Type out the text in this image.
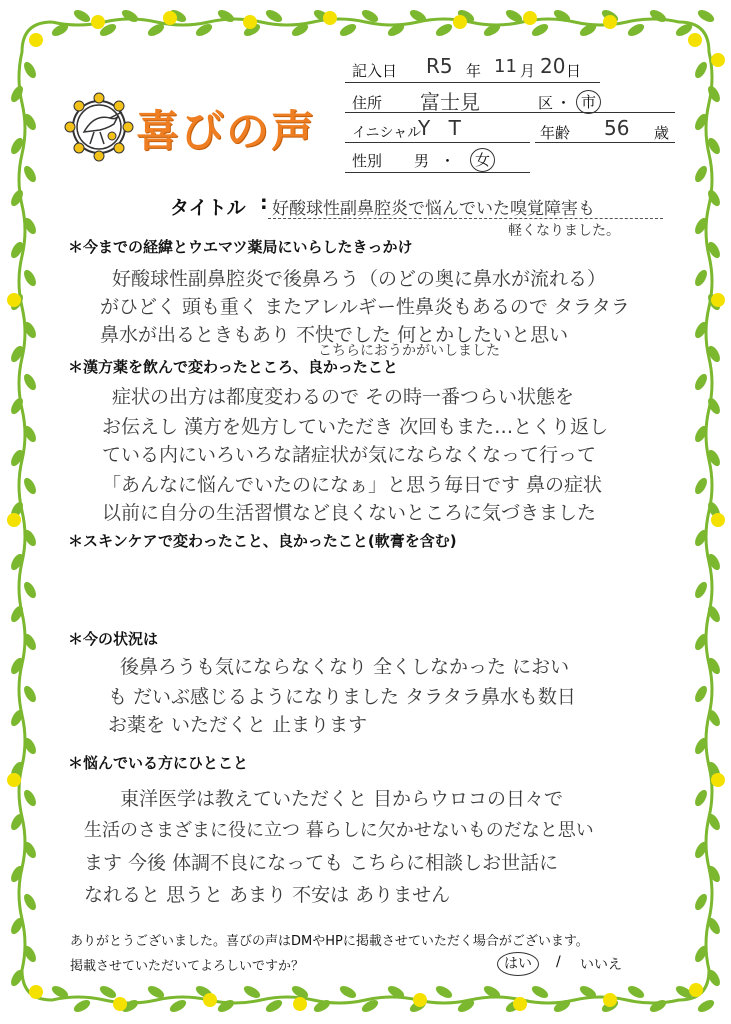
喜びの声
記入日 R5 年 11 月 20 日
住所 富士見	区 ・ 市
イニシャル
Y T	年齢 56 歳
性別 男 ・	女
タイトル : 好酸球性副鼻腔炎で悩んでいた嗅覚障害も
軽くなりました。
＊今までの経緯とウエマツ薬局にいらしたきっかけ
好酸球性副鼻腔炎で後鼻ろう（のどの奥に鼻水が流れる）
がひどく 頭も重く またアレルギー性鼻炎もあるので タラタラ
鼻水が出るときもあり 不快でした 何とかしたいと思い
こちらにおうかがいしました
＊漢方薬を飲んで変わったところ、良かったこと
症状の出方は都度変わるので その時一番つらい状態を
お伝えし 漢方を処方していただき 次回もまた…とくり返し
ている内にいろいろな諸症状が気にならなくなって行って
「あんなに悩んでいたのになぁ」と思う毎日です 鼻の症状
以前に自分の生活習慣など良くないところに気づきました
＊スキンケアで変わったこと、良かったこと(軟膏を含む)
＊今の状況は
後鼻ろうも気にならなくなり 全くしなかった におい
も だいぶ感じるようになりました タラタラ鼻水も数日
お薬を いただくと 止まります
＊悩んでいる方にひとこと
東洋医学は教えていただくと 目からウロコの日々で
生活のさまざまに役に立つ 暮らしに欠かせないものだなと思い
ます 今後 体調不良になっても こちらに相談しお世話に
なれると 思うと あまり 不安は ありません
ありがとうございました。喜びの声はDMやHPに掲載させていただく場合がございます。
掲載させていただいてよろしいですか？	はい	/ いいえ
